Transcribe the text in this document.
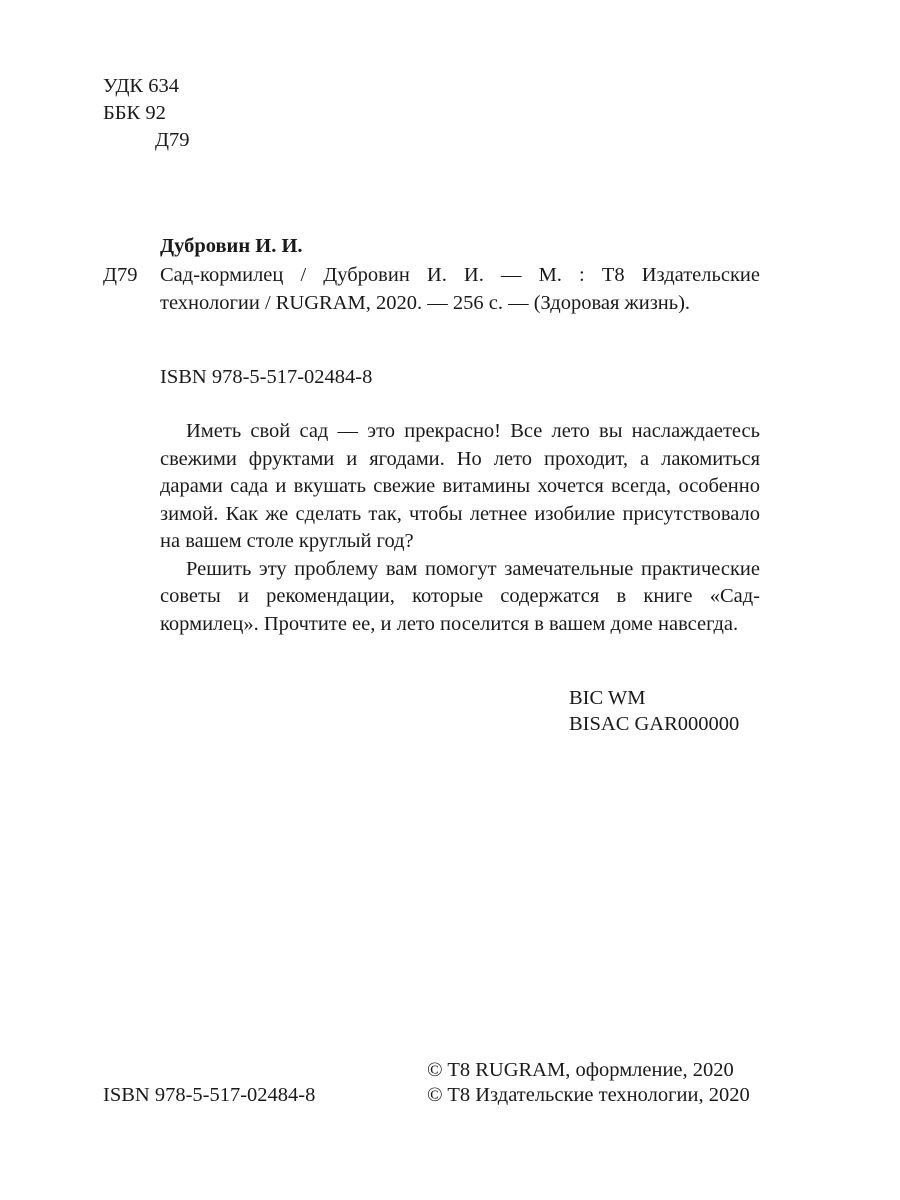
УДК 634
ББК 92
Д79
Дубровин И. И.
Д79 Сад-кормилец / Дубровин И. И. — М. : T8 Издательские
технологии / RUGRAM, 2020. — 256 с. — (Здоровая жизнь).
ISBN 978-5-517-02484-8

Иметь свой сад — это прекрасно! Все лето вы наслаждаетесь свежими фруктами и ягодами. Но лето проходит, а лакомиться дарами сада и вкушать свежие витамины хочется всегда, особенно зимой. Как же сделать так, чтобы летнее изобилие присутствовало на вашем столе круглый год?

Решить эту проблему вам помогут замечательные практические советы и рекомендации, которые содержатся в книге «Сад-кормилец». Прочтите ее, и лето поселится в вашем доме навсегда.

BIC WM
BISAC GAR000000
ISBN 978-5-517-02484-8
© T8 RUGRAM, оформление, 2020
© T8 Издательские технологии, 2020
